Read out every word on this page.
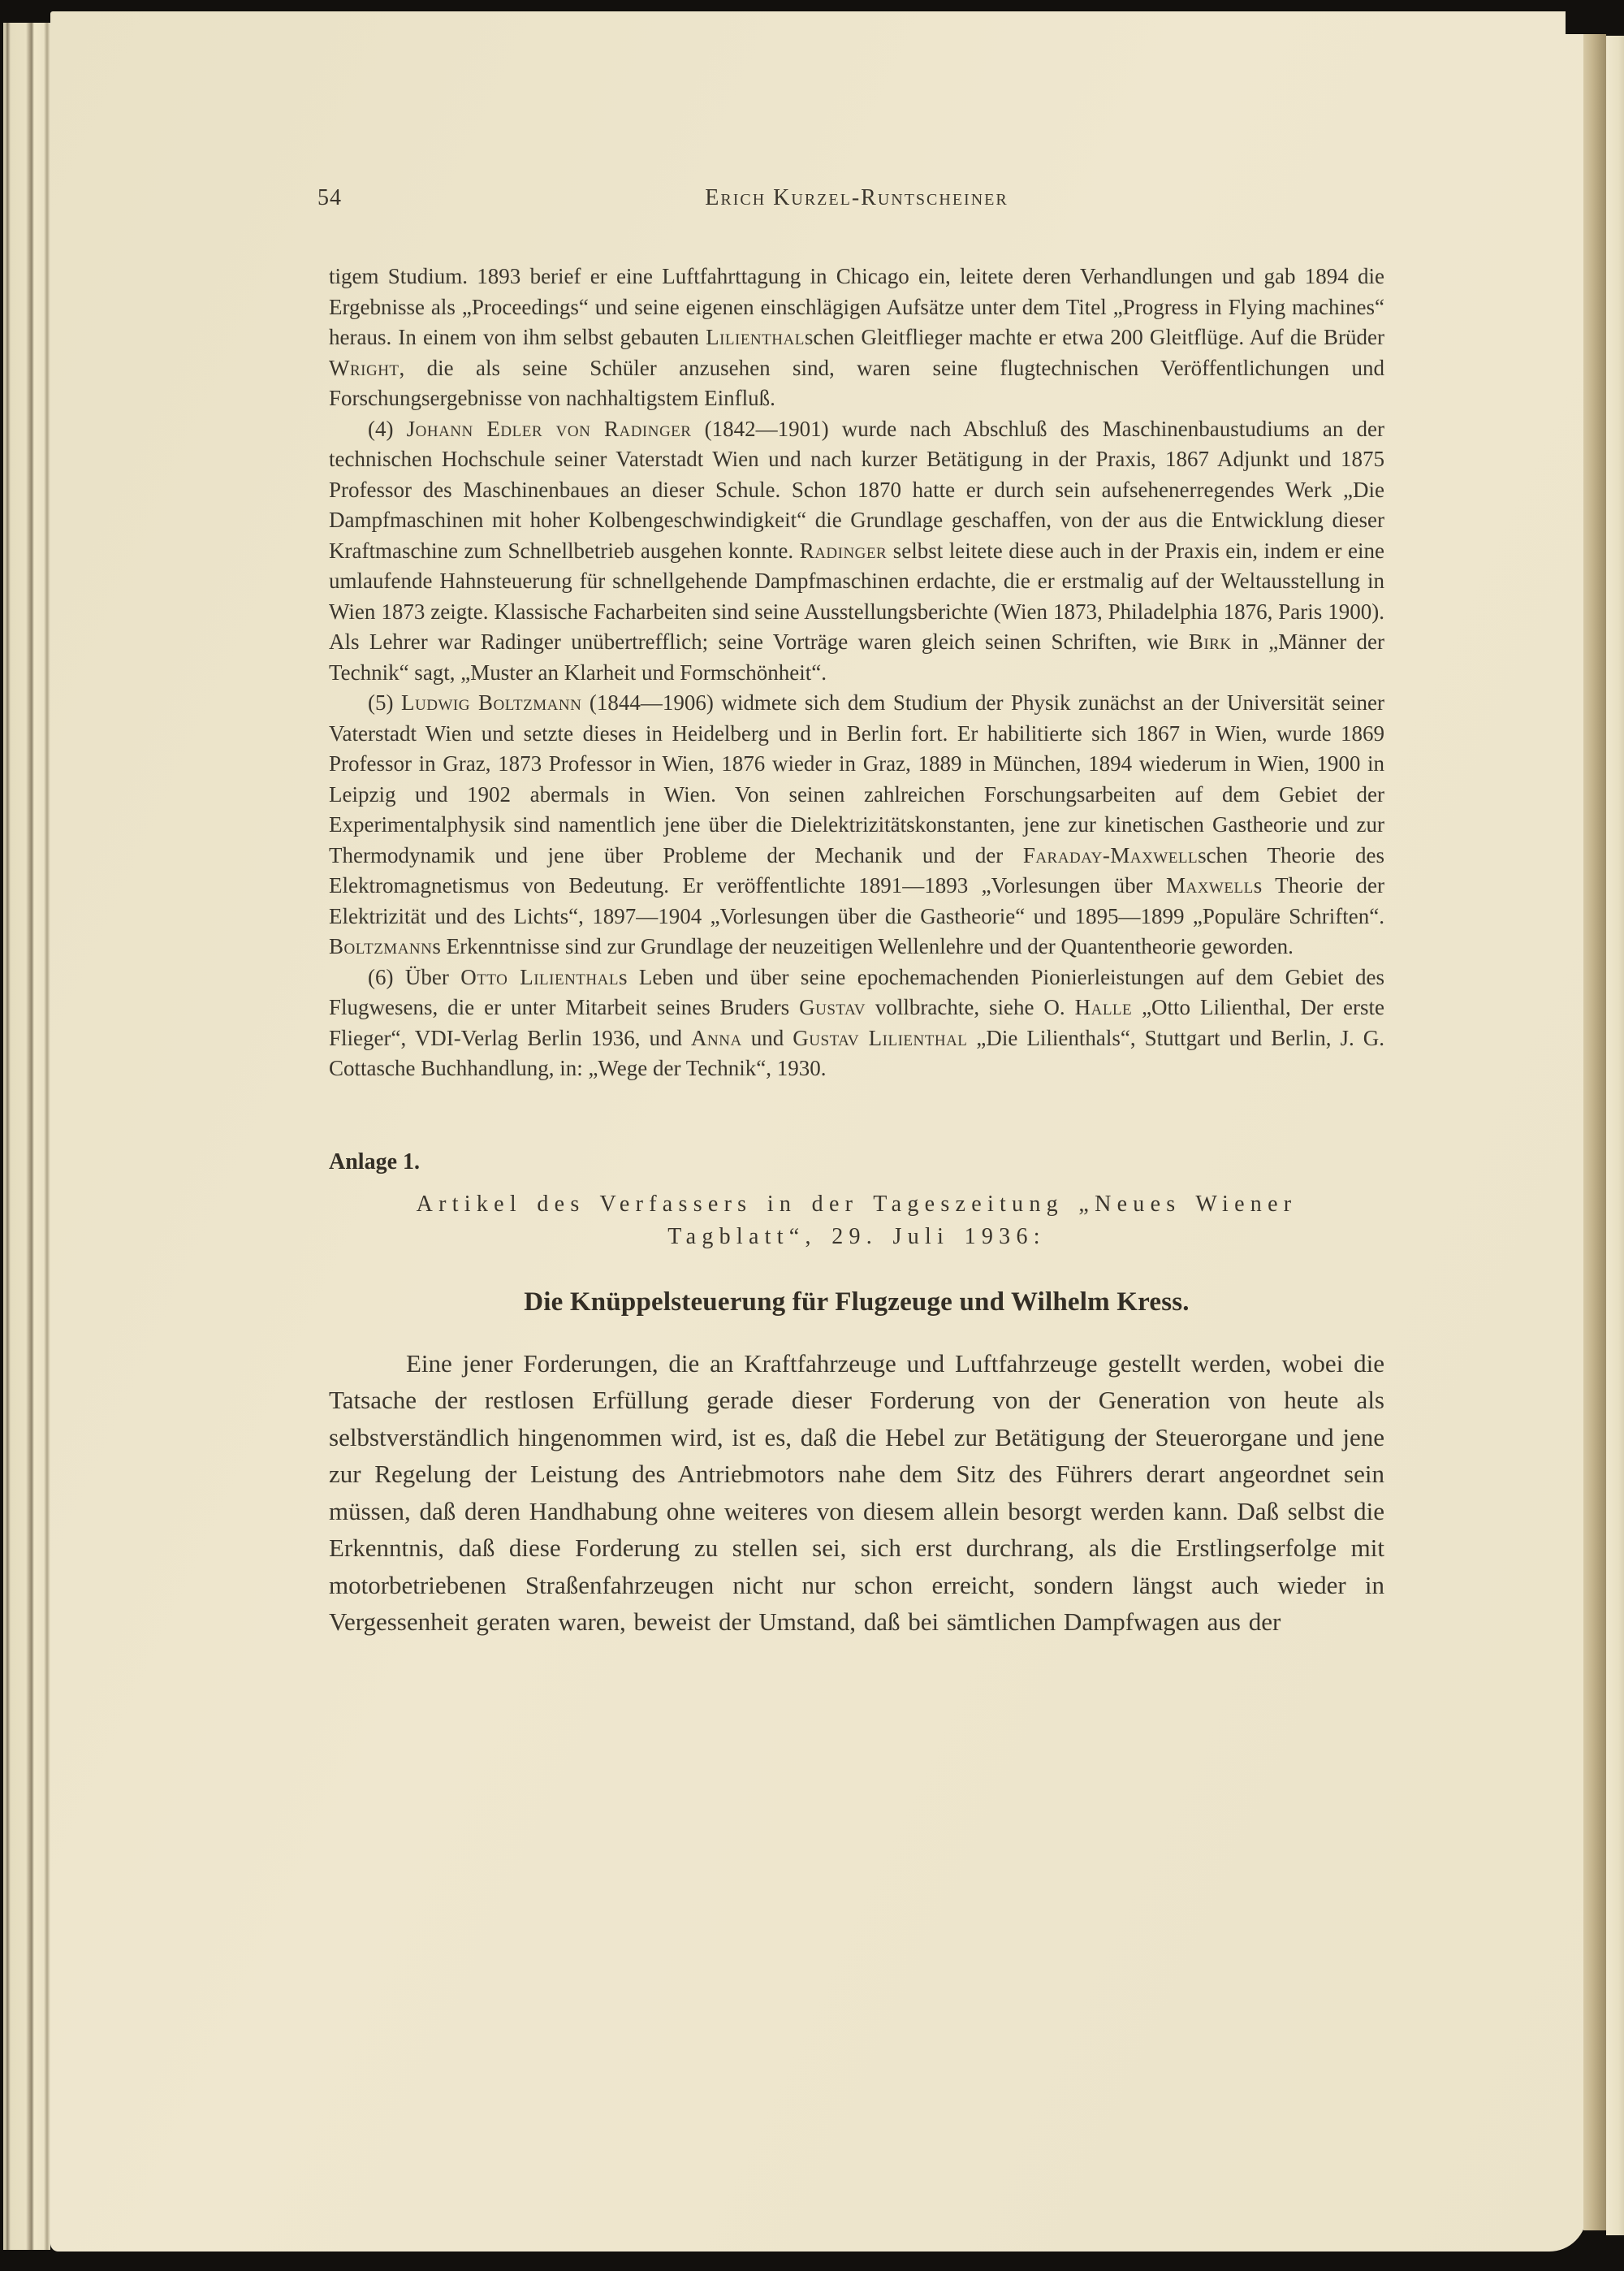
54	Erich Kurzel-Runtscheiner

tigem Studium. 1893 berief er eine Luftfahrttagung in Chicago ein, leitete deren Verhandlungen und gab 1894 die Ergebnisse als „Proceedings“ und seine eigenen einschlägigen Aufsätze unter dem Titel „Progress in Flying machines“ heraus. In einem von ihm selbst gebauten Lilienthalschen Gleitflieger machte er etwa 200 Gleitflüge. Auf die Brüder Wright, die als seine Schüler anzusehen sind, waren seine flugtechnischen Veröffentlichungen und Forschungsergebnisse von nachhaltigstem Einfluß.

(4) Johann Edler von Radinger (1842—1901) wurde nach Abschluß des Maschinenbaustudiums an der technischen Hochschule seiner Vaterstadt Wien und nach kurzer Betätigung in der Praxis, 1867 Adjunkt und 1875 Professor des Maschinenbaues an dieser Schule. Schon 1870 hatte er durch sein aufsehenerregendes Werk „Die Dampfmaschinen mit hoher Kolbengeschwindigkeit“ die Grundlage geschaffen, von der aus die Entwicklung dieser Kraftmaschine zum Schnellbetrieb ausgehen konnte. Radinger selbst leitete diese auch in der Praxis ein, indem er eine umlaufende Hahnsteuerung für schnellgehende Dampfmaschinen erdachte, die er erstmalig auf der Weltausstellung in Wien 1873 zeigte. Klassische Facharbeiten sind seine Ausstellungsberichte (Wien 1873, Philadelphia 1876, Paris 1900). Als Lehrer war Radinger unübertrefflich; seine Vorträge waren gleich seinen Schriften, wie Birk in „Männer der Technik“ sagt, „Muster an Klarheit und Formschönheit“.

(5) Ludwig Boltzmann (1844—1906) widmete sich dem Studium der Physik zunächst an der Universität seiner Vaterstadt Wien und setzte dieses in Heidelberg und in Berlin fort. Er habilitierte sich 1867 in Wien, wurde 1869 Professor in Graz, 1873 Professor in Wien, 1876 wieder in Graz, 1889 in München, 1894 wiederum in Wien, 1900 in Leipzig und 1902 abermals in Wien. Von seinen zahlreichen Forschungsarbeiten auf dem Gebiet der Experimentalphysik sind namentlich jene über die Dielektrizitätskonstanten, jene zur kinetischen Gastheorie und zur Thermodynamik und jene über Probleme der Mechanik und der Faraday-Maxwellschen Theorie des Elektromagnetismus von Bedeutung. Er veröffentlichte 1891—1893 „Vorlesungen über Maxwells Theorie der Elektrizität und des Lichts“, 1897—1904 „Vorlesungen über die Gastheorie“ und 1895—1899 „Populäre Schriften“. Boltzmanns Erkenntnisse sind zur Grundlage der neuzeitigen Wellenlehre und der Quantentheorie geworden.

(6) Über Otto Lilienthals Leben und über seine epochemachenden Pionierleistungen auf dem Gebiet des Flugwesens, die er unter Mitarbeit seines Bruders Gustav vollbrachte, siehe O. Halle „Otto Lilienthal, Der erste Flieger“, VDI-Verlag Berlin 1936, und Anna und Gustav Lilienthal „Die Lilienthals“, Stuttgart und Berlin, J. G. Cottasche Buchhandlung, in: „Wege der Technik“, 1930.

Anlage 1.
Artikel des Verfassers in der Tageszeitung „Neues Wiener
Tagblatt“, 29. Juli 1936:
Die Knüppelsteuerung für Flugzeuge und Wilhelm Kress.

Eine jener Forderungen, die an Kraftfahrzeuge und Luftfahrzeuge gestellt werden, wobei die Tatsache der restlosen Erfüllung gerade dieser Forderung von der Generation von heute als selbstverständlich hingenommen wird, ist es, daß die Hebel zur Betätigung der Steuerorgane und jene zur Regelung der Leistung des Antriebmotors nahe dem Sitz des Führers derart angeordnet sein müssen, daß deren Handhabung ohne weiteres von diesem allein besorgt werden kann. Daß selbst die Erkenntnis, daß diese Forderung zu stellen sei, sich erst durchrang, als die Erstlingserfolge mit motorbetriebenen Straßenfahrzeugen nicht nur schon erreicht, sondern längst auch wieder in Vergessenheit geraten waren, beweist der Umstand, daß bei sämtlichen Dampfwagen aus der
